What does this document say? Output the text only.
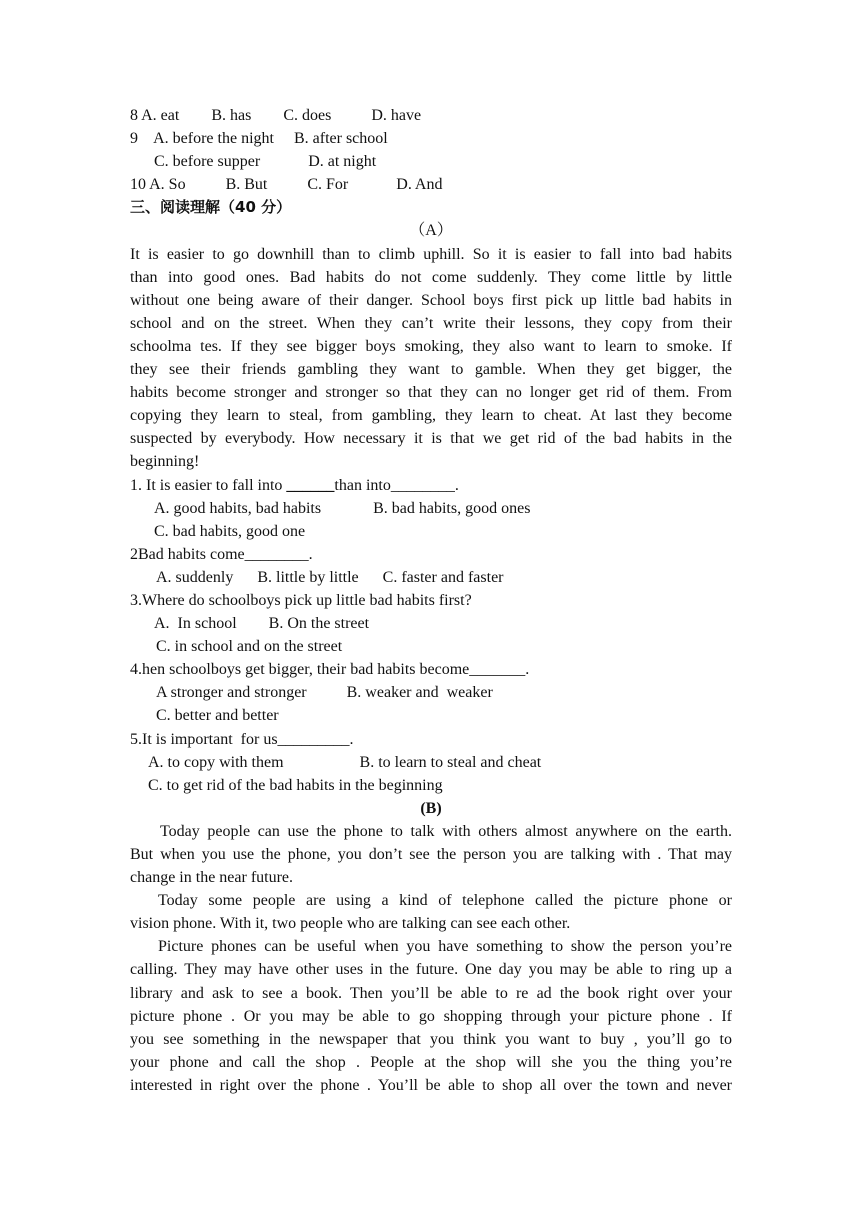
8 A. eat        B. has        C. does          D. have
9    A. before the night     B. after school
C. before supper            D. at night
10 A. So          B. But          C. For            D. And
三、阅读理解（40 分）
（A）
It is easier to go downhill than to climb uphill. So it is easier to fall into bad habits
than into good ones. Bad habits do not come suddenly. They come little by little
without one being aware of their danger. School boys first pick up little bad habits in
school and on the street. When they can’t write their lessons, they copy from their
schoolma tes. If they see bigger boys smoking, they also want to learn to smoke. If
they see their friends gambling they want to gamble. When they get bigger, the
habits become stronger and stronger so that they can no longer get rid of them. From
copying they learn to steal, from gambling, they learn to cheat. At last they become
suspected by everybody. How necessary it is that we get rid of the bad habits in the
beginning!
1. It is easier to fall into ______than into________.
A. good habits, bad habits             B. bad habits, good ones
C. bad habits, good one
2Bad habits come________.
A. suddenly      B. little by little      C. faster and faster
3.Where do schoolboys pick up little bad habits first?
A.  In school        B. On the street
C. in school and on the street
4.hen schoolboys get bigger, their bad habits become_______.
A stronger and stronger          B. weaker and  weaker
C. better and better
5.It is important  for us_________.
A. to copy with them                   B. to learn to steal and cheat
C. to get rid of the bad habits in the beginning
(B)
Today people can use the phone to talk with others almost anywhere on the earth.
But when you use the phone, you don’t see the person you are talking with . That may
change in the near future.
Today some people are using a kind of telephone called the picture phone or
vision phone. With it, two people who are talking can see each other.
Picture phones can be useful when you have something to show the person you’re
calling. They may have other uses in the future. One day you may be able to ring up a
library and ask to see a book. Then you’ll be able to re ad the book right over your
picture phone . Or you may be able to go shopping through your picture phone . If
you see something in the newspaper that you think you want to buy , you’ll go to
your phone and call the shop . People at the shop will she you the thing you’re
interested in right over the phone . You’ll be able to shop all over the town and never
